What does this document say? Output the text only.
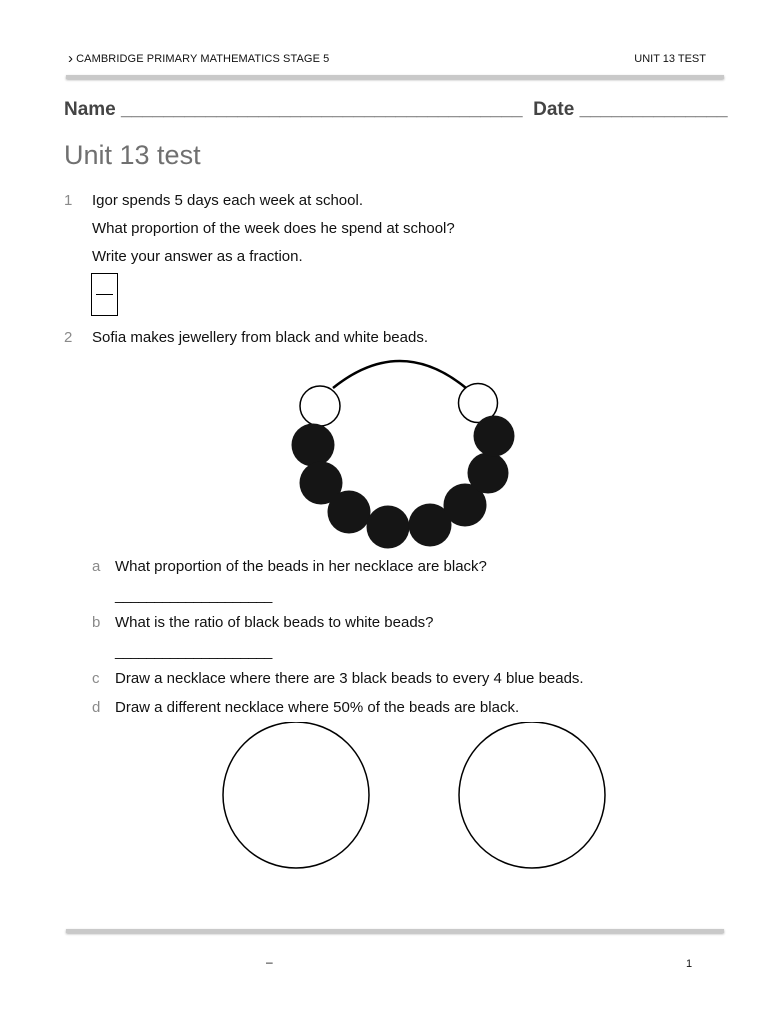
› CAMBRIDGE PRIMARY MATHEMATICS STAGE 5	UNIT 13 TEST
Name ______________________________________  Date ______________
Unit 13 test
1 Igor spends 5 days each week at school.
What proportion of the week does he spend at school?
Write your answer as a fraction.
2 Sofia makes jewellery from black and white beads.
a What proportion of the beads in her necklace are black?
____________________
b What is the ratio of black beads to white beads?
____________________
c Draw a necklace where there are 3 black beads to every 4 blue beads.
d Draw a different necklace where 50% of the beads are black.
–	1
